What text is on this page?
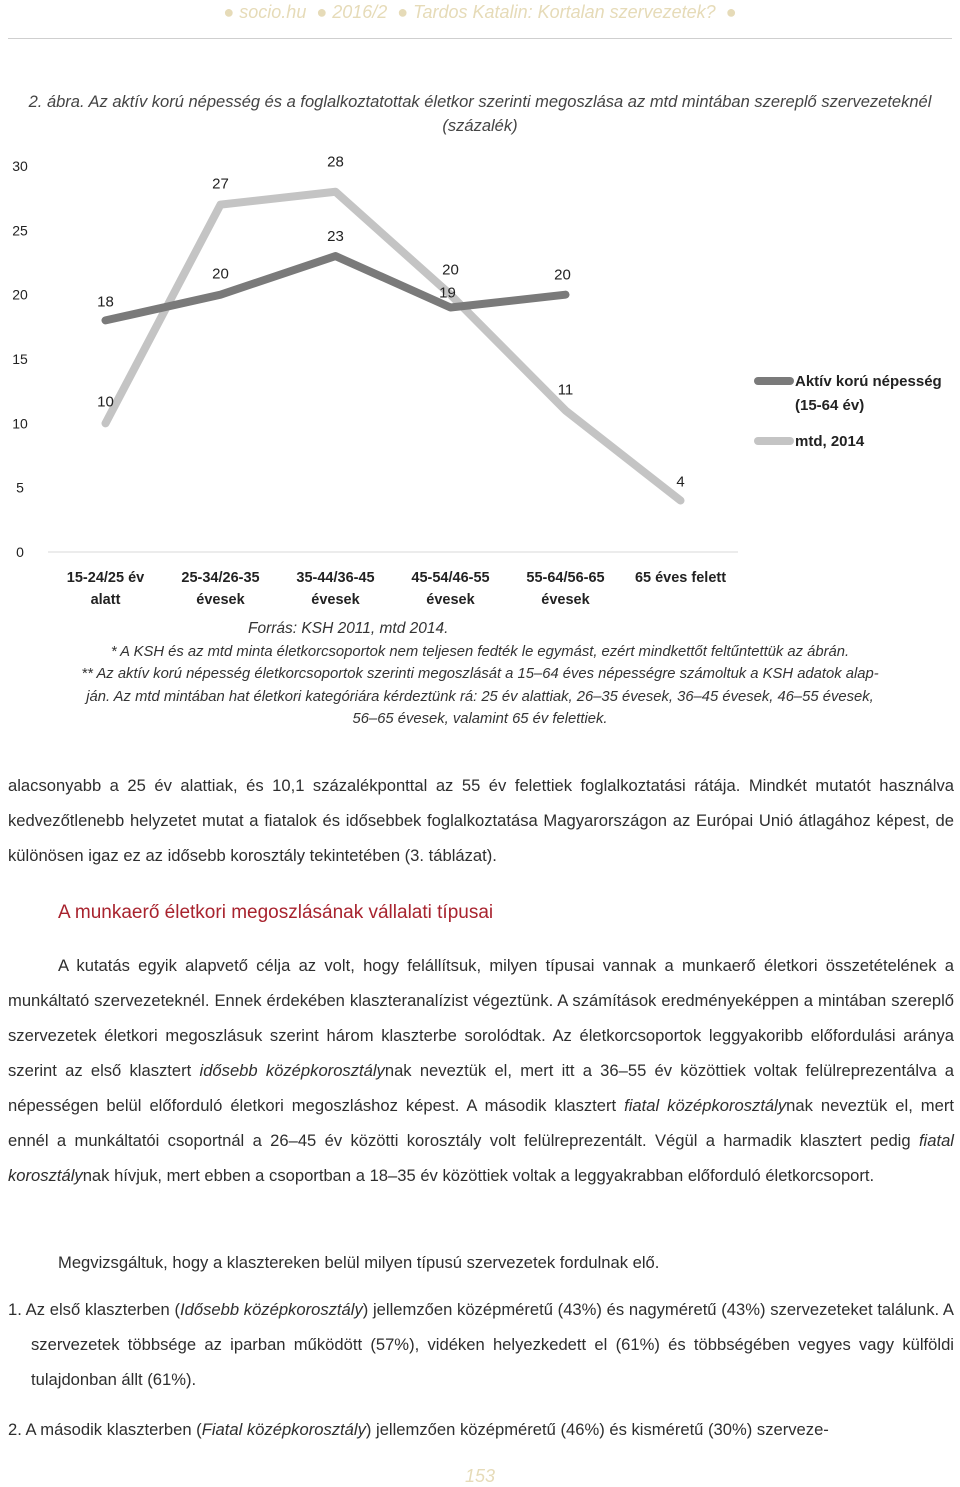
● socio.hu ● 2016/2 ● Tardos Katalin: Kortalan szervezetek? ●
2. ábra. Az aktív korú népesség és a foglalkoztatottak életkor szerinti megoszlása az mtd mintában szereplő szervezeteknél (százalék)
0
5
10
15
20
25
30
15-24/25 év alatt
25-34/26-35 évesek
35-44/36-45 évesek
45-54/46-55 évesek
55-64/56-65 évesek
65 éves felett
18
20
23
19
20
10
27
28
20
11
4
Aktív korú népesség (15-64 év)
mtd, 2014

Forrás: KSH 2011, mtd 2014.

* A KSH és az mtd minta életkorcsoportok nem teljesen fedték le egymást, ezért mindkettőt feltűntettük az ábrán.

** Az aktív korú népesség életkorcsoportok szerinti megoszlását a 15–64 éves népességre számoltuk a KSH adatok alap-

ján. Az mtd mintában hat életkori kategóriára kérdeztünk rá: 25 év alattiak, 26–35 évesek, 36–45 évesek, 46–55 évesek,

56–65 évesek, valamint 65 év felettiek.

alacsonyabb a 25 év alattiak, és 10,1 százalékponttal az 55 év felettiek foglalkoztatási rátája. Mindkét mutatót használva kedvezőtlenebb helyzetet mutat a fiatalok és idősebbek foglalkoztatása Magyarországon az Európai Unió átlagához képest, de különösen igaz ez az idősebb korosztály tekintetében (3. táblázat).

A munkaerő életkori megoszlásának vállalati típusai

A kutatás egyik alapvető célja az volt, hogy felállítsuk, milyen típusai vannak a munkaerő életkori összetételének a munkáltató szervezeteknél. Ennek érdekében klaszteranalízist végeztünk. A számítások eredményeképpen a mintában szereplő szervezetek életkori megoszlásuk szerint három klaszterbe sorolódtak. Az életkorcsoportok leggyakoribb előfordulási aránya szerint az első klasztert idősebb középkorosztálynak neveztük el, mert itt a 36–55 év közöttiek voltak felülreprezentálva a népességen belül előforduló életkori megoszláshoz képest. A második klasztert fiatal középkorosztálynak neveztük el, mert ennél a munkáltatói csoportnál a 26–45 év közötti korosztály volt felülreprezentált. Végül a harmadik klasztert pedig fiatal korosztálynak hívjuk, mert ebben a csoportban a 18–35 év közöttiek voltak a leggyakrabban előforduló életkorcsoport.

Megvizsgáltuk, hogy a klasztereken belül milyen típusú szervezetek fordulnak elő.

1. Az első klaszterben (Idősebb középkorosztály) jellemzően középméretű (43%) és nagyméretű (43%) szervezeteket találunk. A szervezetek többsége az iparban működött (57%), vidéken helyezkedett el (61%) és többségében vegyes vagy külföldi tulajdonban állt (61%).

2. A második klaszterben (Fiatal középkorosztály) jellemzően középméretű (46%) és kisméretű (30%) szerveze-

153
